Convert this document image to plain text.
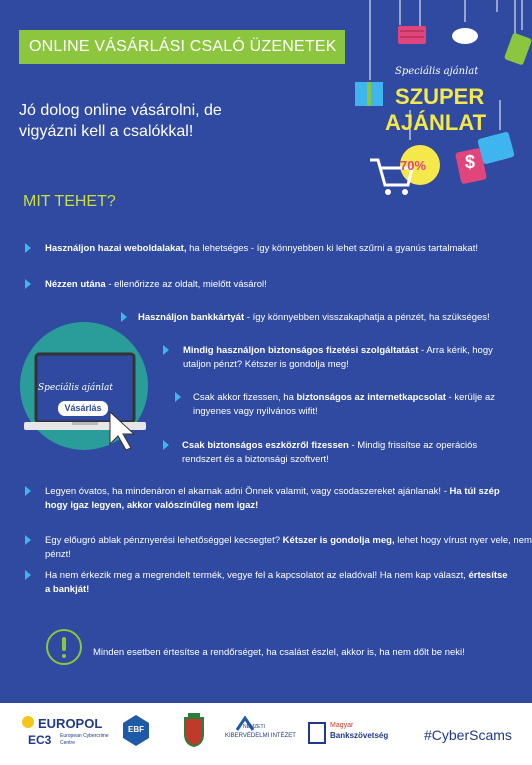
ONLINE VÁSÁRLÁSI CSALÓ ÜZENETEK
Jó dolog online vásárolni, de
vigyázni kell a csalókkal!
Speciális ajánlat
SZUPER
AJÁNLAT
70% $
MIT TEHET?
Használjon hazai weboldalakat, ha lehetséges - így könnyebben ki lehet szűrni a gyanús tartalmakat!
Nézzen utána - ellenőrizze az oldalt, mielőtt vásárol!
Használjon bankkártyát - így könnyebben visszakaphatja a pénzét, ha szükséges!
Mindig használjon biztonságos fizetési szolgáltatást - Arra kérik, hogy
utaljon pénzt? Kétszer is gondolja meg!
Csak akkor fizessen, ha biztonságos az internetkapcsolat - kerülje az
ingyenes vagy nyilvános wifit!
Csak biztonságos eszközről fizessen - Mindig frissítse az operációs
rendszert és a biztonsági szoftvert!
Speciális ajánlat
Vásárlás
Legyen óvatos, ha mindenáron el akarnak adni Önnek valamit, vagy csodaszereket ajánlanak! - Ha túl szép
hogy igaz legyen, akkor valószínűleg nem igaz!
Egy előugró ablak pénznyerési lehetőséggel kecsegtet? Kétszer is gondolja meg, lehet hogy vírust nyer vele, nem pénzt!
Ha nem érkezik meg a megrendelt termék, vegye fel a kapcsolatot az eladóval! Ha nem kap választ, értesítse
a bankját!
Minden esetben értesítse a rendőrséget, ha csalást észlel, akkor is, ha nem dőlt be neki!
EUROPOL
EC3 European Cybercrime
Centre
EBF	NEMZETI
KIBERVÉDELMI INTÉZET
Magyar
Bankszövetség	#CyberScams
